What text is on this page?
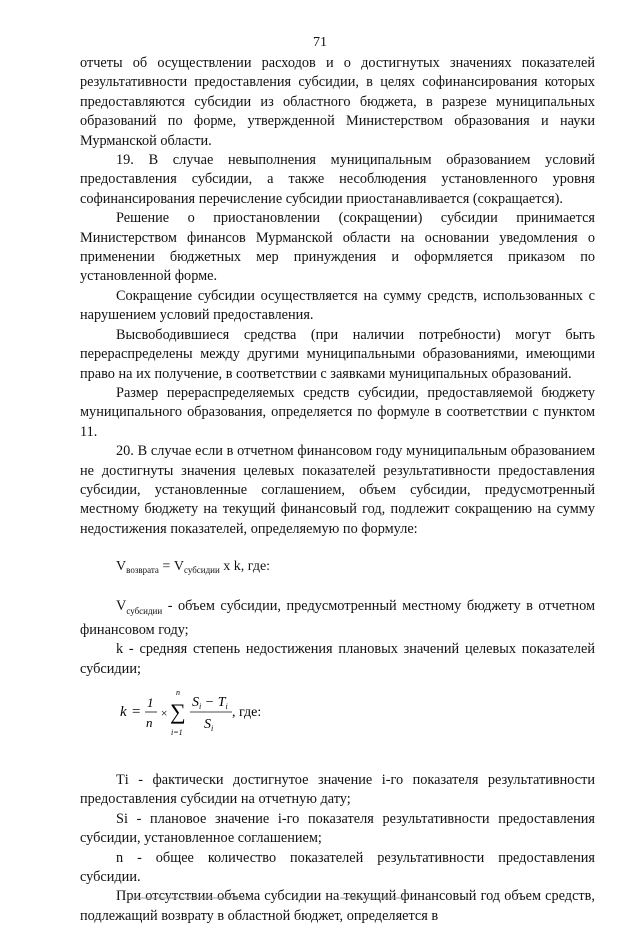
71

отчеты об осуществлении расходов и о достигнутых значениях показателей результативности предоставления субсидии, в целях софинансирования которых предоставляются субсидии из областного бюджета, в разрезе муниципальных образований по форме, утвержденной Министерством образования и науки Мурманской области.

19. В случае невыполнения муниципальным образованием условий предоставления субсидии, а также несоблюдения установленного уровня софинансирования перечисление субсидии приостанавливается (сокращается).

Решение о приостановлении (сокращении) субсидии принимается Министерством финансов Мурманской области на основании уведомления о применении бюджетных мер принуждения и оформляется приказом по установленной форме.

Сокращение субсидии осуществляется на сумму средств, использованных с нарушением условий предоставления.

Высвободившиеся средства (при наличии потребности) могут быть перераспределены между другими муниципальными образованиями, имеющими право на их получение, в соответствии с заявками муниципальных образований.

Размер перераспределяемых средств субсидии, предоставляемой бюджету муниципального образования, определяется по формуле в соответствии с пунктом 11.

20. В случае если в отчетном финансовом году муниципальным образованием не достигнуты значения целевых показателей результативности предоставления субсидии, установленные соглашением, объем субсидии, предусмотренный местному бюджету на текущий финансовый год, подлежит сокращению на сумму недостижения показателей, определяемую по формуле:

$V_{возврата} = V_{субсидии}$ x k, где:

$V_{субсидии}$ - объем субсидии, предусмотренный местному бюджету в отчетном финансовом году;

k - средняя степень недостижения плановых значений целевых показателей субсидии;

k =
1
n
×
n
∑
i=1
$S_i - T_i$
$S_i$
, где:

Тi - фактически достигнутое значение i-го показателя результативности предоставления субсидии на отчетную дату;

Si - плановое значение i-го показателя результативности предоставления субсидии, установленное соглашением;

n - общее количество показателей результативности предоставления субсидии.

При отсутствии объема субсидии на текущий финансовый год объем средств, подлежащий возврату в областной бюджет, определяется в
